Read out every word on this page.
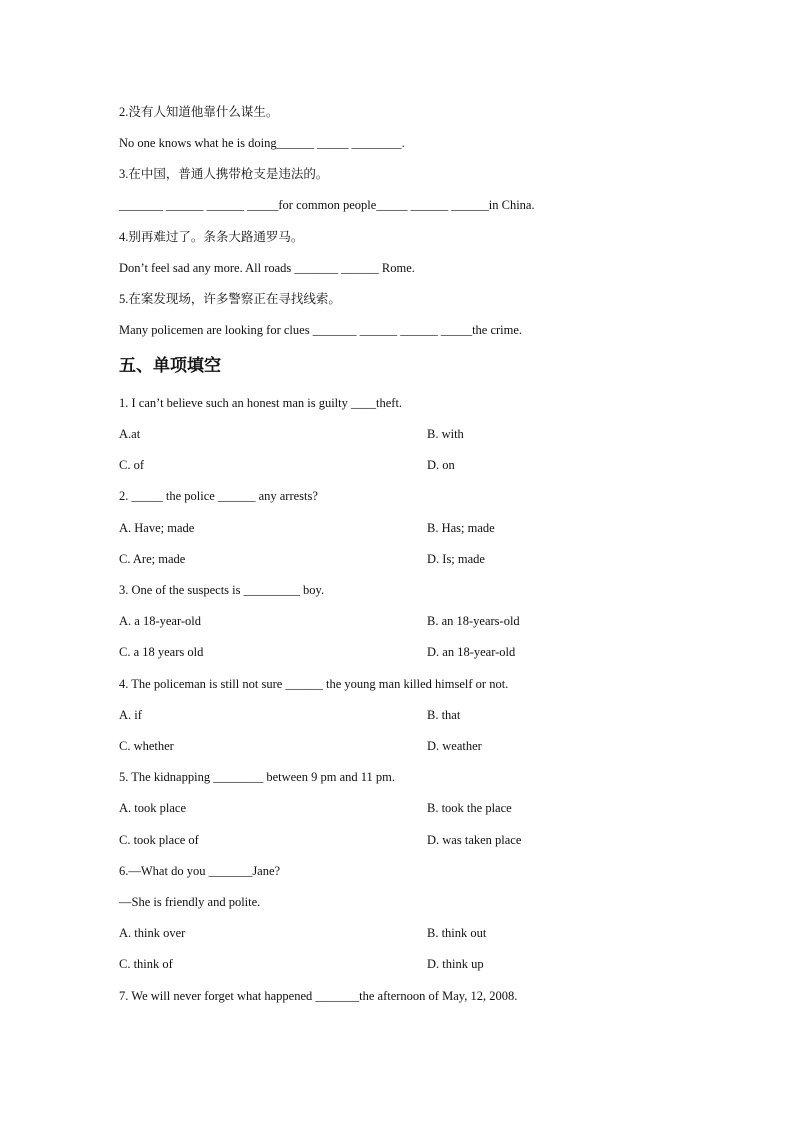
2.没有人知道他靠什么谋生。
No one knows what he is doing______ _____ ________.
3.在中国，普通人携带枪支是违法的。
_______ ______ ______ _____for common people_____ ______ ______in China.
4.别再难过了。条条大路通罗马。
Don’t feel sad any more. All roads _______ ______ Rome.
5.在案发现场，许多警察正在寻找线索。
Many policemen are looking for clues _______ ______ ______ _____the crime.
五、单项填空
1. I can’t believe such an honest man is guilty ____theft.
A.at	B. with
C. of	D. on
2. _____ the police ______ any arrests?
A. Have; made	B. Has; made
C. Are; made	D. Is; made
3. One of the suspects is _________ boy.
A. a 18-year-old	B. an 18-years-old
C. a 18 years old	D. an 18-year-old
4. The policeman is still not sure ______ the young man killed himself or not.
A. if	B. that
C. whether	D. weather
5. The kidnapping ________ between 9 pm and 11 pm.
A. took place	B. took the place
C. took place of	D. was taken place
6.—What do you _______Jane?
—She is friendly and polite.
A. think over	B. think out
C. think of	D. think up
7. We will never forget what happened _______the afternoon of May, 12, 2008.
